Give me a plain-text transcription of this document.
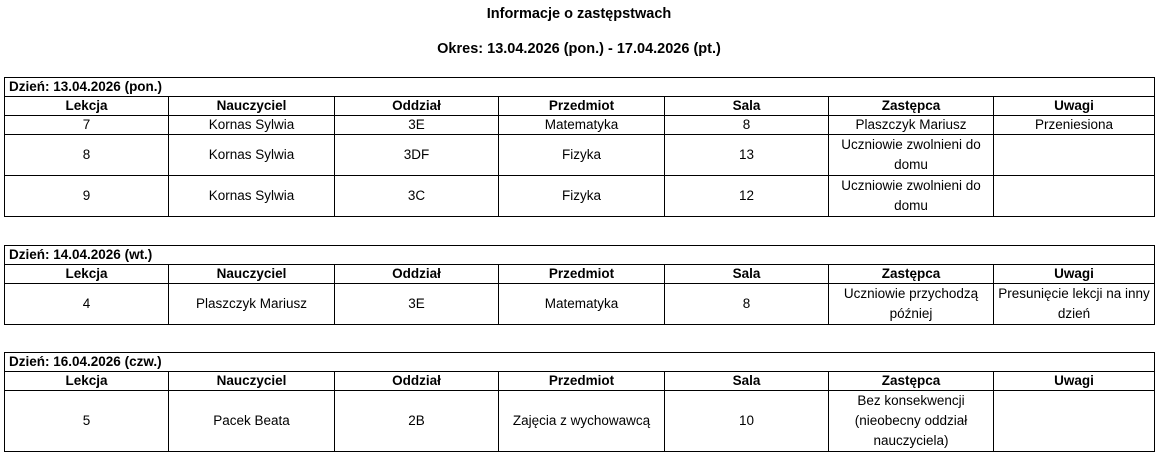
Informacje o zastępstwach
Okres: 13.04.2026 (pon.) - 17.04.2026 (pt.)
Dzień: 13.04.2026 (pon.)						
Lekcja	Nauczyciel	Oddział	Przedmiot	Sala	Zastępca	Uwagi
7	Kornas Sylwia	3E	Matematyka	8	Plaszczyk Mariusz	Przeniesiona
8	Kornas Sylwia	3DF	Fizyka	13	Uczniowie zwolnieni do domu	
9	Kornas Sylwia	3C	Fizyka	12	Uczniowie zwolnieni do domu	
Dzień: 14.04.2026 (wt.)						
Lekcja	Nauczyciel	Oddział	Przedmiot	Sala	Zastępca	Uwagi
4	Plaszczyk Mariusz	3E	Matematyka	8	Uczniowie przychodzą później	Presunięcie lekcji na inny dzień
Dzień: 16.04.2026 (czw.)						
Lekcja	Nauczyciel	Oddział	Przedmiot	Sala	Zastępca	Uwagi
5	Pacek Beata	2B	Zajęcia z wychowawcą	10	Bez konsekwencji (nieobecny oddział nauczyciela)	
